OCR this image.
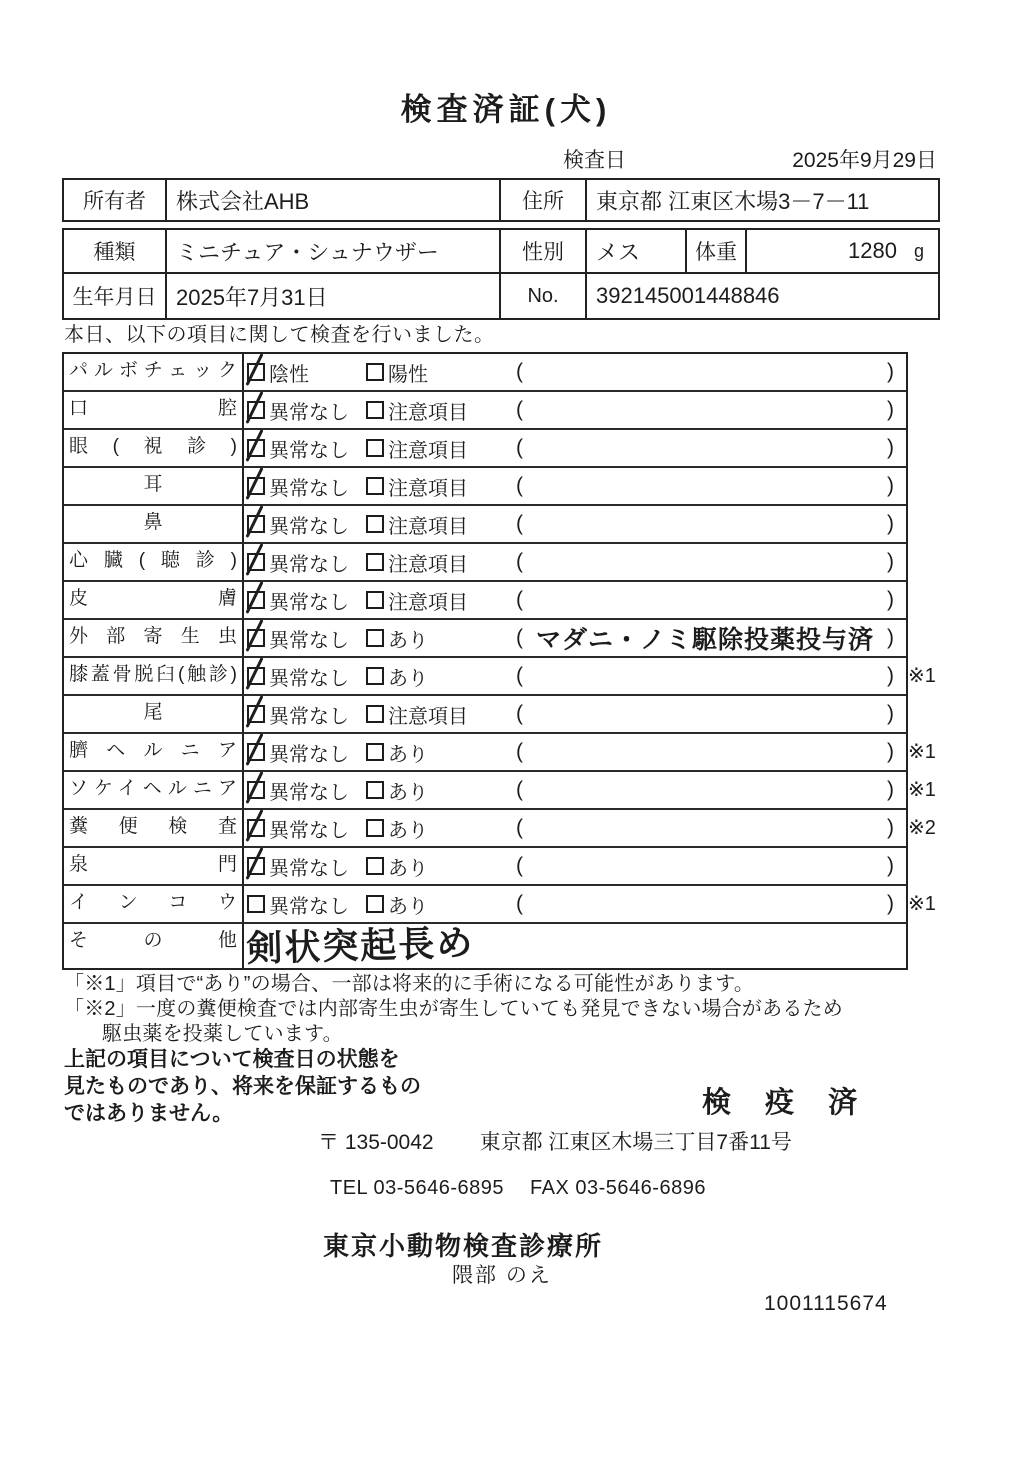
検査済証(犬)
検査日	2025年9月29日
所有者	株式会社AHB	住所	東京都 江東区木場3－7－11
種類	ミニチュア・シュナウザー	性別	メス	体重	1280 g
生年月日 2025年7月31日	No.	392145001448846
本日、以下の項目に関して検査を行いました。
パルボチェック	陰性	陽性	(	)
口腔	異常なし 注意項目 (	)
眼(視診)	異常なし 注意項目 (	)
耳	異常なし 注意項目 (	)
鼻	異常なし 注意項目 (	)
心臓(聴診)	異常なし 注意項目 (	)
皮膚	異常なし 注意項目 (	)
外部寄生虫	異常なし あり	( マダニ・ノミ駆除投薬投与済 )
膝蓋骨脱臼(触診)	異常なし あり	(	) ※1
尾	異常なし 注意項目 (	)
臍ヘルニア	異常なし あり	(	) ※1
ソケイヘルニア	異常なし あり	(	) ※1
糞便検査	異常なし あり	(	) ※2
泉門	異常なし あり	(	)
インコウ	異常なし あり	(	) ※1
その他 剣状突起長め
「※1」項目で“あり”の場合、一部は将来的に手術になる可能性があります。
「※2」一度の糞便検査では内部寄生虫が寄生していても発見できない場合があるため
駆虫薬を投薬しています。
上記の項目について検査日の状態を
見たものであり、将来を保証するもの
ではありません。	検 疫 済
〒 135-0042 東京都 江東区木場三丁目7番11号
TEL 03-5646-6895 FAX 03-5646-6896
東京小動物検査診療所
隈部 のえ
1001115674
